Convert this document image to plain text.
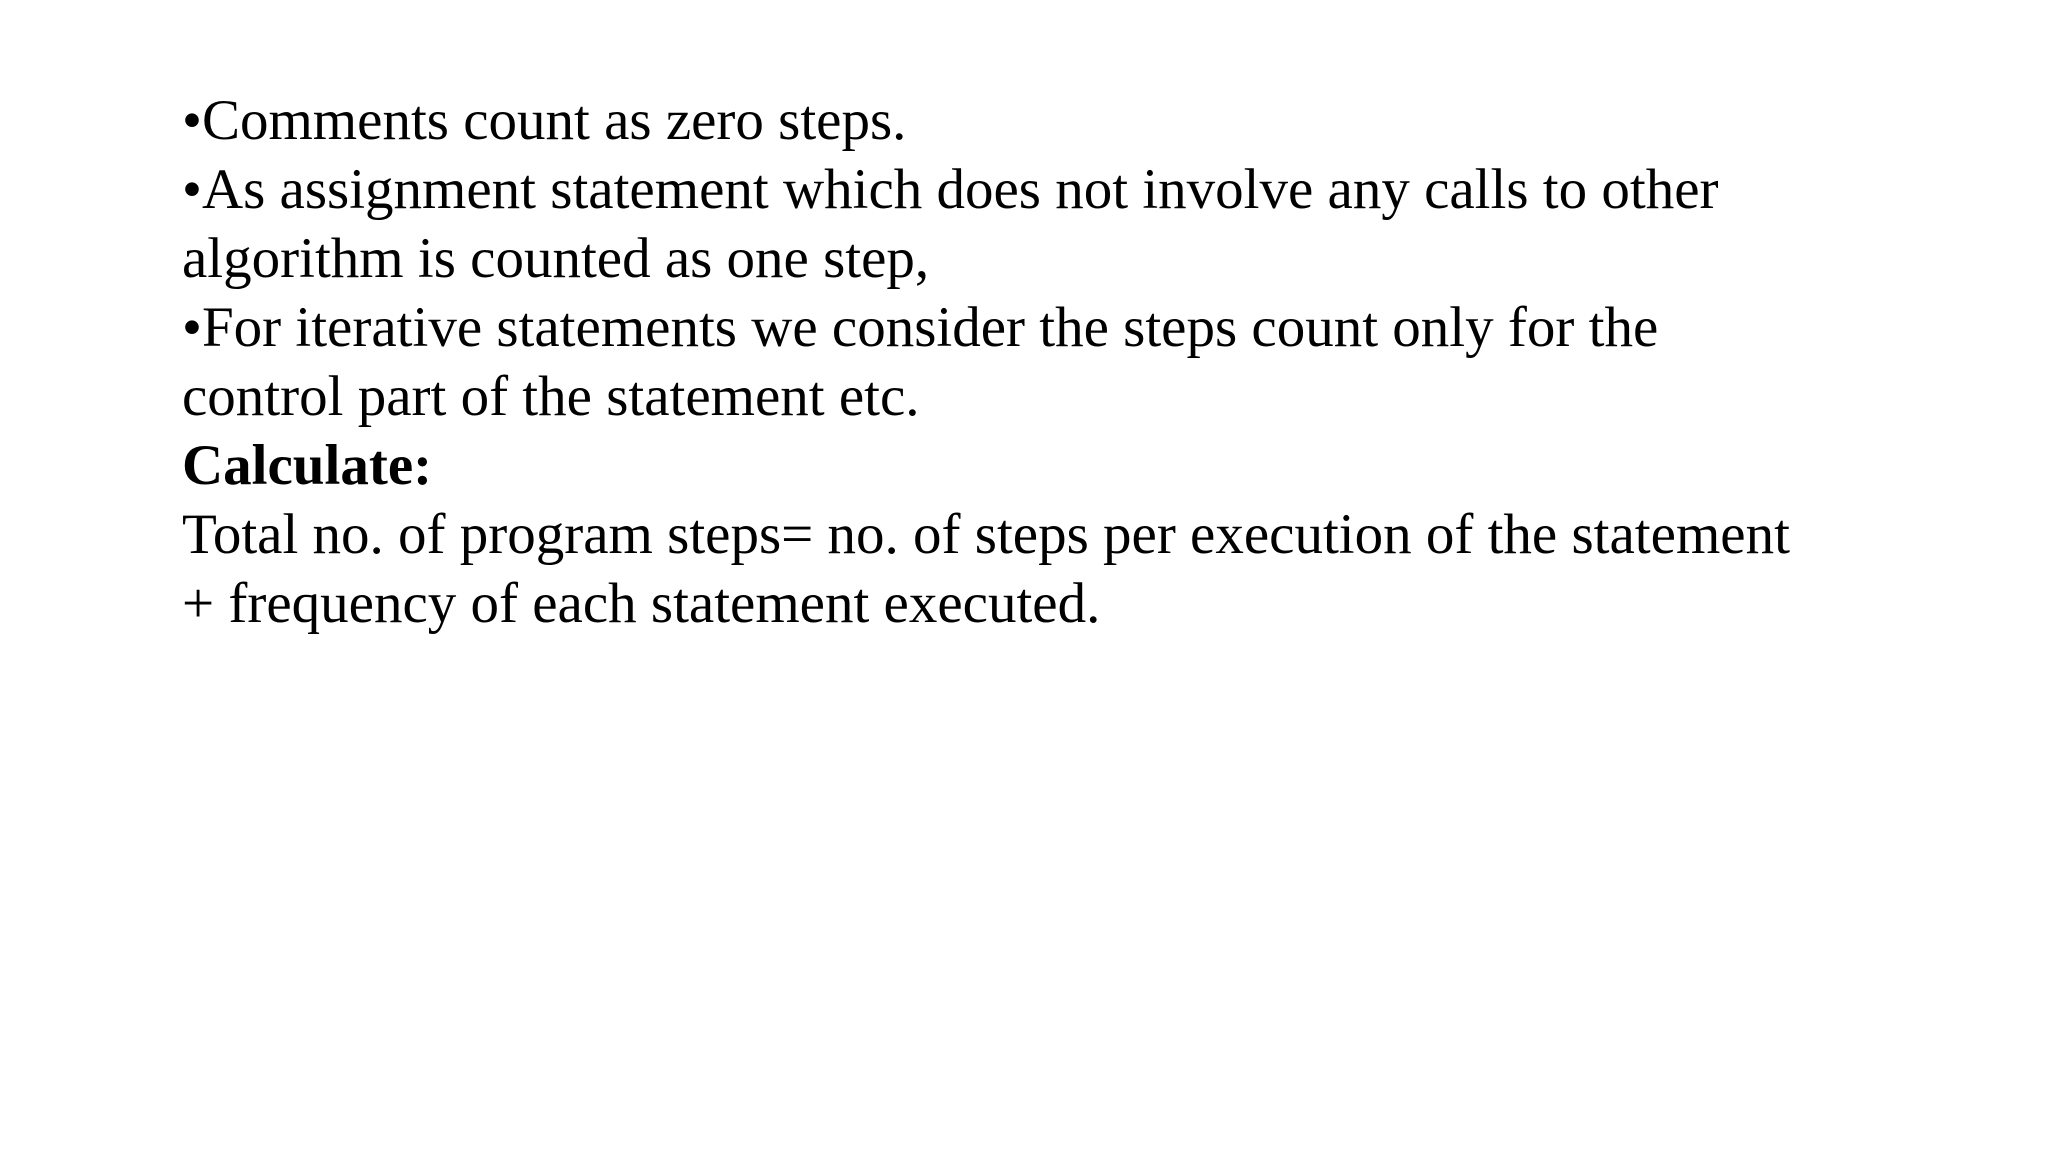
•Comments count as zero steps.
•As assignment statement which does not involve any calls to other
algorithm is counted as one step,
•For iterative statements we consider the steps count only for the
control part of the statement etc.
Calculate:
Total no. of program steps= no. of steps per execution of the statement
+ frequency of each statement executed.
